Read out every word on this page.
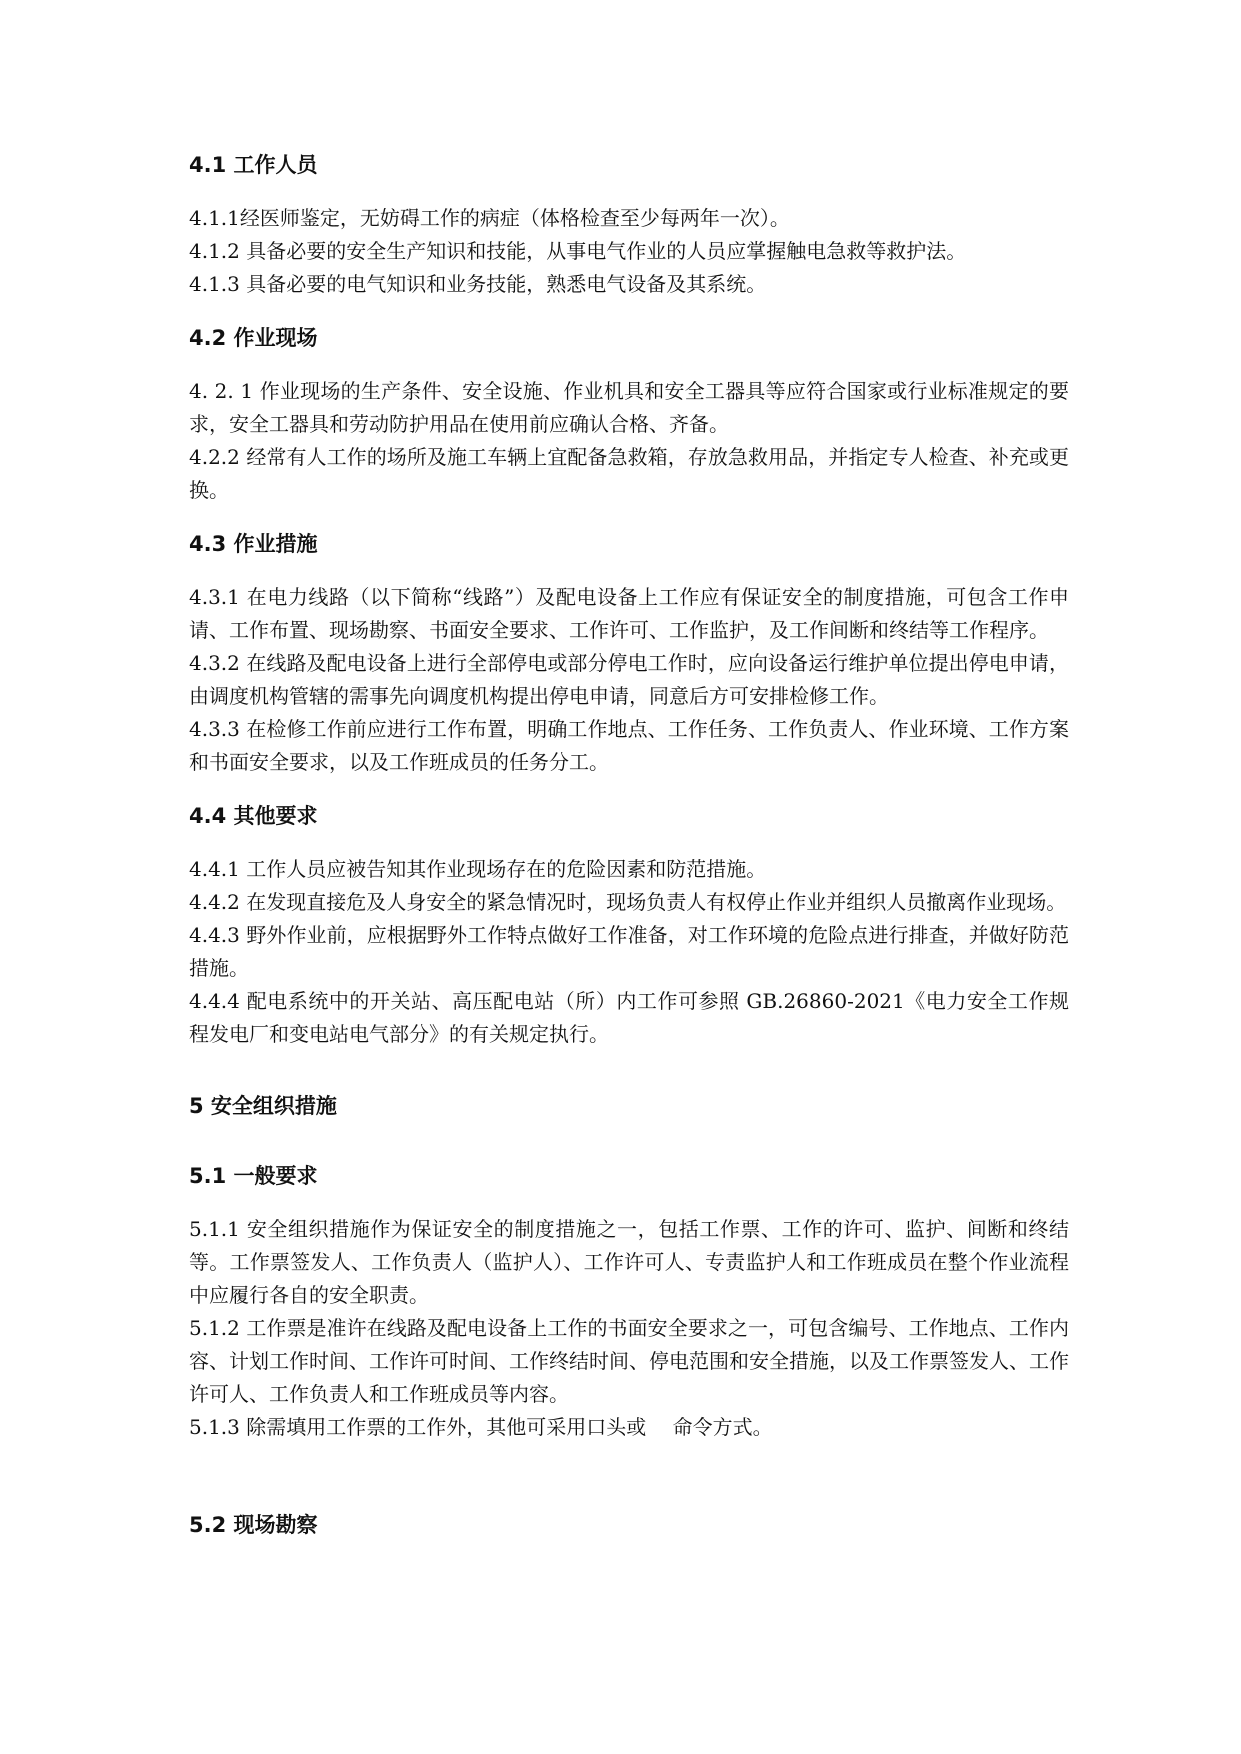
4.1 工作人员

4.1.1经医师鉴定，无妨碍工作的病症（体格检查至少每两年一次）。

4.1.2 具备必要的安全生产知识和技能，从事电气作业的人员应掌握触电急救等救护法。

4.1.3 具备必要的电气知识和业务技能，熟悉电气设备及其系统。

4.2 作业现场

4. 2. 1 作业现场的生产条件、安全设施、作业机具和安全工器具等应符合国家或行业标准规定的要求，安全工器具和劳动防护用品在使用前应确认合格、齐备。

4.2.2 经常有人工作的场所及施工车辆上宜配备急救箱，存放急救用品，并指定专人检查、补充或更换。

4.3 作业措施

4.3.1 在电力线路（以下简称“线路”）及配电设备上工作应有保证安全的制度措施，可包含工作申请、工作布置、现场勘察、书面安全要求、工作许可、工作监护，及工作间断和终结等工作程序。

4.3.2 在线路及配电设备上进行全部停电或部分停电工作时，应向设备运行维护单位提出停电申请，由调度机构管辖的需事先向调度机构提出停电申请，同意后方可安排检修工作。

4.3.3 在检修工作前应进行工作布置，明确工作地点、工作任务、工作负责人、作业环境、工作方案和书面安全要求，以及工作班成员的任务分工。

4.4 其他要求

4.4.1 工作人员应被告知其作业现场存在的危险因素和防范措施。

4.4.2 在发现直接危及人身安全的紧急情况时，现场负责人有权停止作业并组织人员撤离作业现场。

4.4.3 野外作业前，应根据野外工作特点做好工作准备，对工作环境的危险点进行排查，并做好防范措施。

4.4.4 配电系统中的开关站、高压配电站（所）内工作可参照 GB.26860-2021《电力安全工作规程发电厂和变电站电气部分》的有关规定执行。

5 安全组织措施
5.1 一般要求

5.1.1 安全组织措施作为保证安全的制度措施之一，包括工作票、工作的许可、监护、间断和终结等。工作票签发人、工作负责人（监护人）、工作许可人、专责监护人和工作班成员在整个作业流程中应履行各自的安全职责。

5.1.2 工作票是准许在线路及配电设备上工作的书面安全要求之一，可包含编号、工作地点、工作内容、计划工作时间、工作许可时间、工作终结时间、停电范围和安全措施，以及工作票签发人、工作许可人、工作负责人和工作班成员等内容。

5.1.3 除需填用工作票的工作外，其他可采用口头或　 命令方式。

5.2 现场勘察
